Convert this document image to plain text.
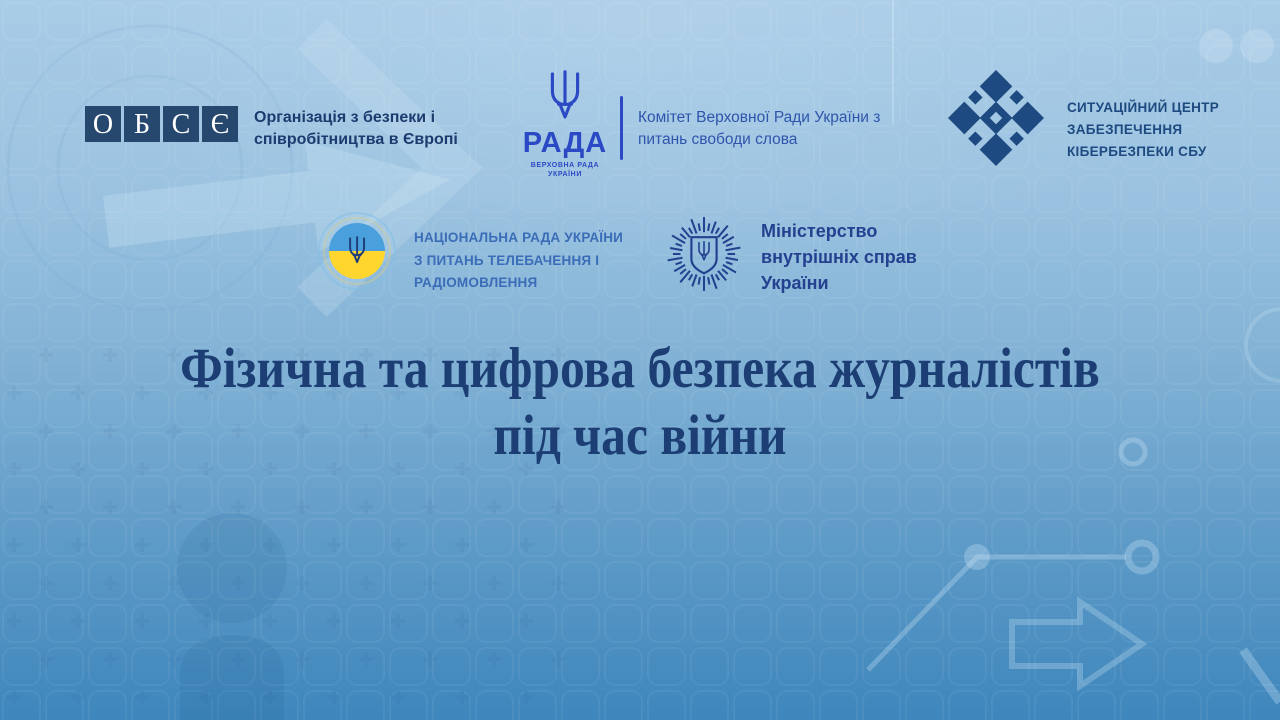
О Б С Є Організація з безпеки і
співробітництва в Європі РАДА
ВЕРХОВНА РАДА
УКРАЇНИ
Комітет Верховної Ради України з
питань свободи слова
СИТУАЦІЙНИЙ ЦЕНТР
ЗАБЕЗПЕЧЕННЯ
КІБЕРБЕЗПЕКИ СБУ
НАЦІОНАЛЬНА РАДА УКРАЇНИ
З ПИТАНЬ ТЕЛЕБАЧЕННЯ І
РАДІОМОВЛЕННЯ
Міністерство
внутрішніх справ
України
Фізична та цифрова безпека журналістів
під час війни
